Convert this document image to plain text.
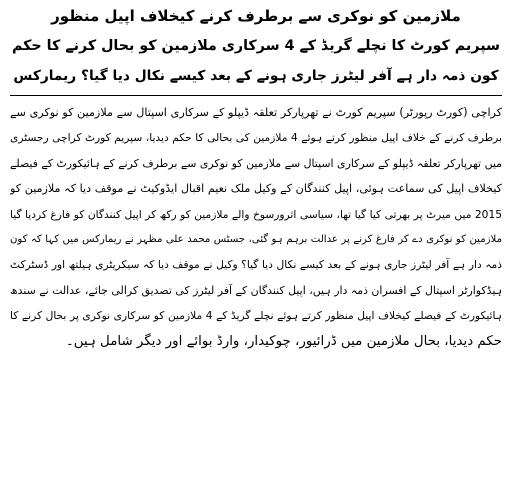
ملازمین کو نوکری سے برطرف کرنے کیخلاف اپیل منظور

سپریم کورٹ کا نچلے گریڈ کے 4 سرکاری ملازمین کو بحال کرنے کا حکم

کون ذمہ دار ہے آفر لیٹرز جاری ہونے کے بعد کیسے نکال دیا گیا؟ ریمارکس

کراچی (کورٹ رپورٹر) سپریم کورٹ نے تھرپارکر تعلقہ ڈیپلو کے سرکاری اسپتال سے ملازمین کو نوکری سے

برطرف کرنے کے خلاف اپیل منظور کرتے ہوئے 4 ملازمین کی بحالی کا حکم دیدیا، سپریم کورٹ کراچی رجسٹری

میں تھرپارکر تعلقہ ڈیپلو کے سرکاری اسپتال سے ملازمین کو نوکری سے برطرف کرنے کے ہائیکورٹ کے فیصلے

کیخلاف اپیل کی سماعت ہوئی، اپیل کنندگان کے وکیل ملک نعیم اقبال ایڈوکیٹ نے موقف دیا کہ ملازمین کو

2015 میں میرٹ پر بھرتی کیا گیا تھا، سیاسی اثرورسوخ والے ملازمین کو رکھ کر اپیل کنندگان کو فارغ کردیا گیا

ملازمین کو نوکری دے کر فارغ کرنے پر عدالت برہم ہو گئی، جسٹس محمد علی مظہر نے ریمارکس میں کہا کہ کون

ذمہ دار ہے آفر لیٹرز جاری ہونے کے بعد کیسے نکال دیا گیا؟ وکیل نے موقف دیا کہ سیکریٹری ہیلتھ اور ڈسٹرکٹ

ہیڈکوارٹر اسپتال کے افسران ذمہ دار ہیں، اپیل کنندگان کے آفر لیٹرز کی تصدیق کرالی جائے، عدالت نے سندھ

ہائیکورٹ کے فیصلے کیخلاف اپیل منظور کرتے ہوئے نچلے گریڈ کے 4 ملازمین کو سرکاری نوکری پر بحال کرنے کا

حکم دیدیا، بحال ملازمین میں ڈرائیور، چوکیدار، وارڈ بوائے اور دیگر شامل ہیں۔
